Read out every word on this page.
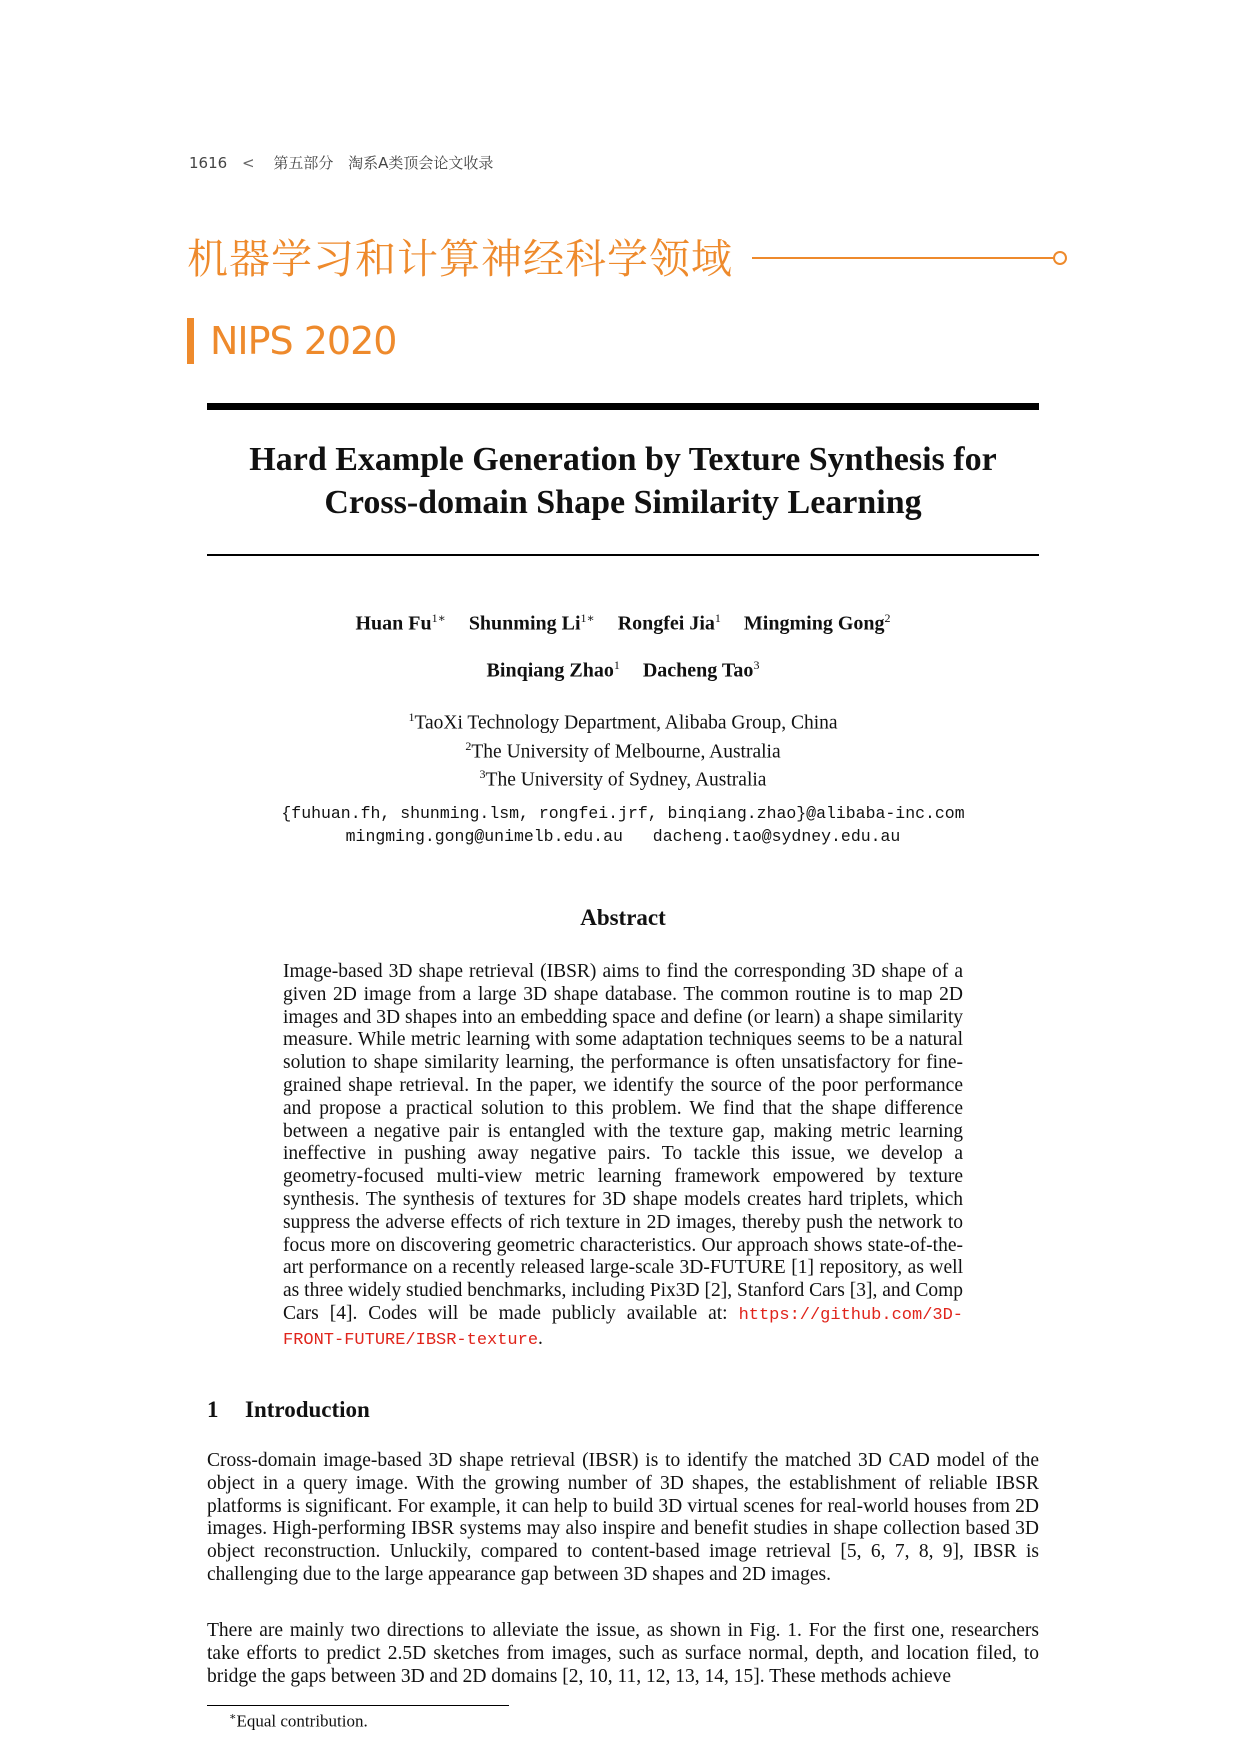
1616 < 第五部分 淘系A类顶会论文收录
机器学习和计算神经科学领域
NIPS 2020
Hard Example Generation by Texture Synthesis for
Cross-domain Shape Similarity Learning
Huan $Fu^{1∗}$ Shunming $Li^{1∗}$ Rongfei Jia$^1$ Mingming Gong$^2$
Binqiang Zhao$^1$ Dacheng Tao$^3$
$^1$TaoXi Technology Department, Alibaba Group, China
$^2$The University of Melbourne, Australia
$^3$The University of Sydney, Australia
{fuhuan.fh, shunming.lsm, rongfei.jrf, binqiang.zhao}@alibaba-inc.com
mingming.gong@unimelb.edu.au dacheng.tao@sydney.edu.au
Abstract
Image-based 3D shape retrieval (IBSR) aims to find the corresponding 3D shape of a given 2D image from a large 3D shape database. The common routine is to map 2D images and 3D shapes into an embedding space and define (or learn) a shape similarity measure. While metric learning with some adaptation techniques seems to be a natural solution to shape similarity learning, the performance is often unsatisfactory for fine-grained shape retrieval. In the paper, we identify the source of the poor performance and propose a practical solution to this problem. We find that the shape difference between a negative pair is entangled with the texture gap, making metric learning ineffective in pushing away negative pairs. To tackle this issue, we develop a geometry-focused multi-view metric learning framework empowered by texture synthesis. The synthesis of textures for 3D shape models creates hard triplets, which suppress the adverse effects of rich texture in 2D images, thereby push the network to focus more on discovering geometric characteristics. Our approach shows state-of-the-art performance on a recently released large-scale 3D-FUTURE [1] repository, as well as three widely studied benchmarks, including Pix3D [2], Stanford Cars [3], and Comp Cars [4]. Codes will be made publicly available at: https://github.com/3D-FRONT-FUTURE/IBSR-texture.
1 Introduction
Cross-domain image-based 3D shape retrieval (IBSR) is to identify the matched 3D CAD model of the object in a query image. With the growing number of 3D shapes, the establishment of reliable IBSR platforms is significant. For example, it can help to build 3D virtual scenes for real-world houses from 2D images. High-performing IBSR systems may also inspire and benefit studies in shape collection based 3D object reconstruction. Unluckily, compared to content-based image retrieval [5, 6, 7, 8, 9], IBSR is challenging due to the large appearance gap between 3D shapes and 2D images.
There are mainly two directions to alleviate the issue, as shown in Fig. 1. For the first one, researchers take efforts to predict 2.5D sketches from images, such as surface normal, depth, and location filed, to bridge the gaps between 3D and 2D domains [2, 10, 11, 12, 13, 14, 15]. These methods achieve
∗Equal contribution.
